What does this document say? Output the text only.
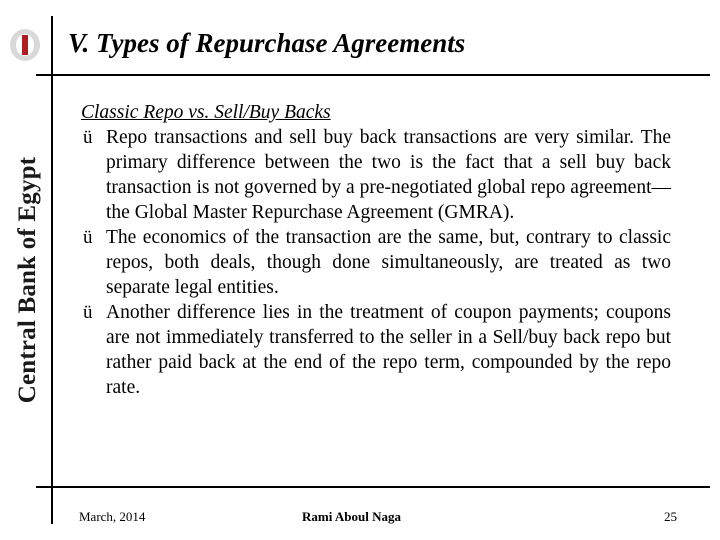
Central Bank of Egypt
V. Types of Repurchase Agreements
Classic Repo vs. Sell/Buy Backs
ü Repo transactions and sell buy back transactions are very similar. The primary difference between the two is the fact that a sell buy back transaction is not governed by a pre-negotiated global repo agreement—the Global Master Repurchase Agreement (GMRA).
ü The economics of the transaction are the same, but, contrary to classic repos, both deals, though done simultaneously, are treated as two separate legal entities.
ü Another difference lies in the treatment of coupon payments; coupons are not immediately transferred to the seller in a Sell/buy back repo but rather paid back at the end of the repo term, compounded by the repo rate.
March, 2014	Rami Aboul Naga	25
